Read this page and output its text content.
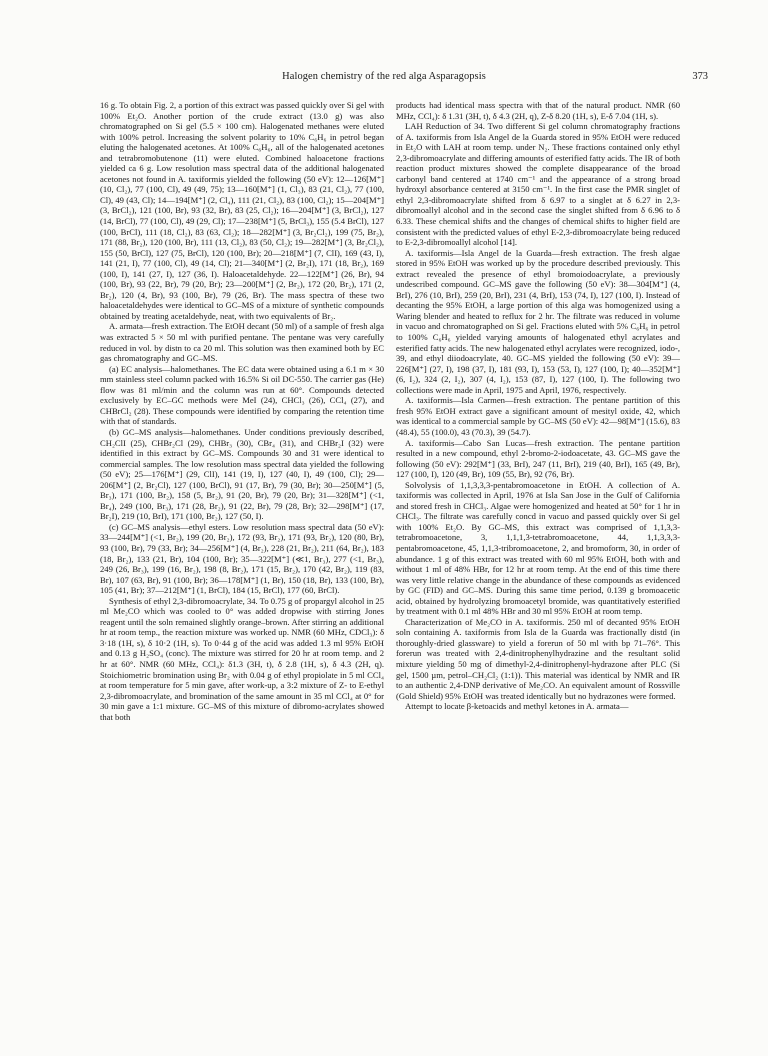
Halogen chemistry of the red alga Asparagopsis	373

16 g. To obtain Fig. 2, a portion of this extract was passed quickly over Si gel with 100% Et₂O. Another portion of the crude extract (13.0 g) was also chromatographed on Si gel (5.5 × 100 cm). Halogenated methanes were eluted with 100% petrol. Increasing the solvent polarity to 10% C₆H₆ in petrol began eluting the halogenated acetones. At 100% C₆H₆, all of the halogenated acetones and tetrabromobutenone (11) were eluted. Combined haloacetone fractions yielded ca 6 g. Low resolution mass spectral data of the additional halogenated acetones not found in A. taxiformis yielded the following (50 eV): 12—126[M⁺] (10, Cl₂), 77 (100, Cl), 49 (49, 75); 13—160[M⁺] (1, Cl₃), 83 (21, Cl₂), 77 (100, Cl), 49 (43, Cl); 14—194[M⁺] (2, Cl₄), 111 (21, Cl₂), 83 (100, Cl₂); 15—204[M⁺] (3, BrCl₂), 121 (100, Br), 93 (32, Br), 83 (25, Cl₂); 16—204[M⁺] (3, BrCl₂), 127 (14, BrCl), 77 (100, Cl), 49 (29, Cl); 17—238[M⁺] (5, BrCl₃), 155 (5.4 BrCl), 127 (100, BrCl), 111 (18, Cl₂), 83 (63, Cl₂); 18—282[M⁺] (3, Br₂Cl₂), 199 (75, Br₂), 171 (88, Br₂), 120 (100, Br), 111 (13, Cl₂), 83 (50, Cl₂); 19—282[M⁺] (3, Br₂Cl₂), 155 (50, BrCl), 127 (75, BrCl), 120 (100, Br); 20—218[M⁺] (7, ClI), 169 (43, I), 141 (21, I), 77 (100, Cl), 49 (14, Cl); 21—340[M⁺] (2, Br₂I), 171 (18, Br₂), 169 (100, I), 141 (27, I), 127 (36, I). Haloacetaldehyde. 22—122[M⁺] (26, Br), 94 (100, Br), 93 (22, Br), 79 (20, Br); 23—200[M⁺] (2, Br₂), 172 (20, Br₂), 171 (2, Br₂), 120 (4, Br), 93 (100, Br), 79 (26, Br). The mass spectra of these two haloacetaldehydes were identical to GC–MS of a mixture of synthetic compounds obtained by treating acetaldehyde, neat, with two equivalents of Br₂.

A. armata—fresh extraction. The EtOH decant (50 ml) of a sample of fresh alga was extracted 5 × 50 ml with purified pentane. The pentane was very carefully reduced in vol. by distn to ca 20 ml. This solution was then examined both by EC gas chromatography and GC–MS.

(a) EC analysis—halomethanes. The EC data were obtained using a 6.1 m × 30 mm stainless steel column packed with 16.5% Si oil DC-550. The carrier gas (He) flow was 81 ml/min and the column was run at 60°. Compounds detected exclusively by EC–GC methods were MeI (24), CHCl₃ (26), CCl₄ (27), and CHBrCl₂ (28). These compounds were identified by comparing the retention time with that of standards.

(b) GC–MS analysis—halomethanes. Under conditions previously described, CH₂ClI (25), CHBr₂Cl (29), CHBr₃ (30), CBr₄ (31), and CHBr₂I (32) were identified in this extract by GC–MS. Compounds 30 and 31 were identical to commercial samples. The low resolution mass spectral data yielded the following (50 eV); 25—176[M⁺] (29, ClI), 141 (19, I), 127 (40, I), 49 (100, Cl); 29—206[M⁺] (2, Br₂Cl), 127 (100, BrCl), 91 (17, Br), 79 (30, Br); 30—250[M⁺] (5, Br₃), 171 (100, Br₂), 158 (5, Br₂), 91 (20, Br), 79 (20, Br); 31—328[M⁺] (<1, Br₄), 249 (100, Br₃), 171 (28, Br₂), 91 (22, Br), 79 (28, Br); 32—298[M⁺] (17, Br₂I), 219 (10, BrI), 171 (100, Br₂), 127 (50, I).

(c) GC–MS analysis—ethyl esters. Low resolution mass spectral data (50 eV): 33—244[M⁺] (<1, Br₂), 199 (20, Br₂), 172 (93, Br₂), 171 (93, Br₂), 120 (80, Br), 93 (100, Br), 79 (33, Br); 34—256[M⁺] (4, Br₂), 228 (21, Br₂), 211 (64, Br₂), 183 (18, Br₂), 133 (21, Br), 104 (100, Br); 35—322[M⁺] (≪1, Br₃), 277 (<1, Br₃), 249 (26, Br₃), 199 (16, Br₂), 198 (8, Br₂), 171 (15, Br₂), 170 (42, Br₂), 119 (83, Br), 107 (63, Br), 91 (100, Br); 36—178[M⁺] (1, Br), 150 (18, Br), 133 (100, Br), 105 (41, Br); 37—212[M⁺] (1, BrCl), 184 (15, BrCl), 177 (60, BrCl).

Synthesis of ethyl 2,3-dibromoacrylate, 34. To 0.75 g of propargyl alcohol in 25 ml Me₂CO which was cooled to 0° was added dropwise with stirring Jones reagent until the soln remained slightly orange–brown. After stirring an additional hr at room temp., the reaction mixture was worked up. NMR (60 MHz, CDCl₃): δ 3·18 (1H, s), δ 10·2 (1H, s). To 0·44 g of the acid was added 1.3 ml 95% EtOH and 0.13 g H₂SO₄ (conc). The mixture was stirred for 20 hr at room temp. and 2 hr at 60°. NMR (60 MHz, CCl₄): δ1.3 (3H, t), δ 2.8 (1H, s), δ 4.3 (2H, q). Stoichiometric bromination using Br₂ with 0.04 g of ethyl propiolate in 5 ml CCl₄ at room temperature for 5 min gave, after work-up, a 3:2 mixture of Z- to E-ethyl 2,3-dibromoacrylate, and bromination of the same amount in 35 ml CCl₄ at 0° for 30 min gave a 1:1 mixture. GC–MS of this mixture of dibromo-acrylates showed that both

products had identical mass spectra with that of the natural product. NMR (60 MHz, CCl₄): δ 1.31 (3H, t), δ 4.3 (2H, q), Z-δ 8.20 (1H, s), E-δ 7.04 (1H, s).

LAH Reduction of 34. Two different Si gel column chromatography fractions of A. taxiformis from Isla Angel de la Guarda stored in 95% EtOH were reduced in Et₂O with LAH at room temp. under N₂. These fractions contained only ethyl 2,3-dibromoacrylate and differing amounts of esterified fatty acids. The IR of both reaction product mixtures showed the complete disappearance of the broad carbonyl band centered at 1740 cm⁻¹ and the appearance of a strong broad hydroxyl absorbance centered at 3150 cm⁻¹. In the first case the PMR singlet of ethyl 2,3-dibromoacrylate shifted from δ 6.97 to a singlet at δ 6.27 in 2,3-dibromoallyl alcohol and in the second case the singlet shifted from δ 6.96 to δ 6.33. These chemical shifts and the changes of chemical shifts to higher field are consistent with the predicted values of ethyl E-2,3-dibromoacrylate being reduced to E-2,3-dibromoallyl alcohol [14].

A. taxiformis—Isla Angel de la Guarda—fresh extraction. The fresh algae stored in 95% EtOH was worked up by the procedure described previously. This extract revealed the presence of ethyl bromoiodoacrylate, a previously undescribed compound. GC–MS gave the following (50 eV): 38—304[M⁺] (4, BrI), 276 (10, BrI), 259 (20, BrI), 231 (4, BrI), 153 (74, I), 127 (100, I). Instead of decanting the 95% EtOH, a large portion of this alga was homogenized using a Waring blender and heated to reflux for 2 hr. The filtrate was reduced in volume in vacuo and chromatographed on Si gel. Fractions eluted with 5% C₆H₆ in petrol to 100% C₆H₆ yielded varying amounts of halogenated ethyl acrylates and esterified fatty acids. The new halogenated ethyl acrylates were recognized, iodo-, 39, and ethyl diiodoacrylate, 40. GC–MS yielded the following (50 eV): 39—226[M⁺] (27, I), 198 (37, I), 181 (93, I), 153 (53, I), 127 (100, I); 40—352[M⁺] (6, I₂), 324 (2, I₂), 307 (4, I₂), 153 (87, I), 127 (100, I). The following two collections were made in April, 1975 and April, 1976, respectively.

A. taxiformis—Isla Carmen—fresh extraction. The pentane partition of this fresh 95% EtOH extract gave a significant amount of mesityl oxide, 42, which was identical to a commercial sample by GC–MS (50 eV): 42—98[M⁺] (15.6), 83 (48.4), 55 (100.0), 43 (70.3), 39 (54.7).

A. taxiformis—Cabo San Lucas—fresh extraction. The pentane partition resulted in a new compound, ethyl 2-bromo-2-iodoacetate, 43. GC–MS gave the following (50 eV): 292[M⁺] (33, BrI), 247 (11, BrI), 219 (40, BrI), 165 (49, Br), 127 (100, I), 120 (49, Br), 109 (55, Br), 92 (76, Br).

Solvolysis of 1,1,3,3,3-pentabromoacetone in EtOH. A collection of A. taxiformis was collected in April, 1976 at Isla San Jose in the Gulf of California and stored fresh in CHCl₃. Algae were homogenized and heated at 50° for 1 hr in CHCl₃. The filtrate was carefully concd in vacuo and passed quickly over Si gel with 100% Et₂O. By GC–MS, this extract was comprised of 1,1,3,3-tetrabromoacetone, 3, 1,1,1,3-tetrabromoacetone, 44, 1,1,3,3,3-pentabromoacetone, 45, 1,1,3-tribromoacetone, 2, and bromoform, 30, in order of abundance. 1 g of this extract was treated with 60 ml 95% EtOH, both with and without 1 ml of 48% HBr, for 12 hr at room temp. At the end of this time there was very little relative change in the abundance of these compounds as evidenced by GC (FID) and GC–MS. During this same time period, 0.139 g bromoacetic acid, obtained by hydrolyzing bromoacetyl bromide, was quantitatively esterified by treatment with 0.1 ml 48% HBr and 30 ml 95% EtOH at room temp.

Characterization of Me₂CO in A. taxiformis. 250 ml of decanted 95% EtOH soln containing A. taxiformis from Isla de la Guarda was fractionally distd (in thoroughly-dried glassware) to yield a forerun of 50 ml with bp 71–76°. This forerun was treated with 2,4-dinitrophenylhydrazine and the resultant solid mixture yielding 50 mg of dimethyl-2,4-dinitrophenyl-hydrazone after PLC (Si gel, 1500 µm, petrol–CH₂Cl₂ (1:1)). This material was identical by NMR and IR to an authentic 2,4-DNP derivative of Me₂CO. An equivalent amount of Rossville (Gold Shield) 95% EtOH was treated identically but no hydrazones were formed.

Attempt to locate β-ketoacids and methyl ketones in A. armata—
